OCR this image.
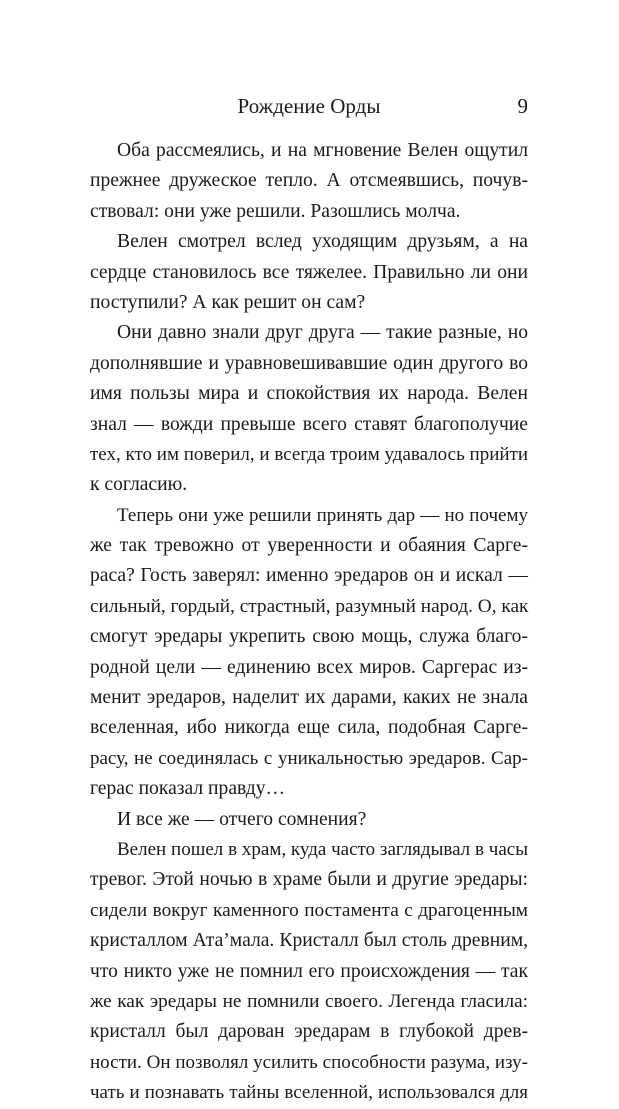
Рождение Орды	9
Оба рассмеялись, и на мгновение Велен ощутил
прежнее дружеское тепло. А отсмеявшись, почув-
ствовал: они уже решили. Разошлись молча.
Велен смотрел вслед уходящим друзьям, а на
сердце становилось все тяжелее. Правильно ли они
поступили? А как решит он сам?
Они давно знали друг друга — такие разные, но
дополнявшие и уравновешивавшие один другого во
имя пользы мира и спокойствия их народа. Велен
знал — вожди превыше всего ставят благополучие
тех, кто им поверил, и всегда троим удавалось прийти
к согласию.
Теперь они уже решили принять дар — но почему
же так тревожно от уверенности и обаяния Сарге-
раса? Гость заверял: именно эредаров он и искал —
сильный, гордый, страстный, разумный народ. О, как
смогут эредары укрепить свою мощь, служа благо-
родной цели — единению всех миров. Саргерас из-
менит эредаров, наделит их дарами, каких не знала
вселенная, ибо никогда еще сила, подобная Сарге-
расу, не соединялась с уникальностью эредаров. Сар-
герас показал правду…
И все же — отчего сомнения?
Велен пошел в храм, куда часто заглядывал в часы
тревог. Этой ночью в храме были и другие эредары:
сидели вокруг каменного постамента с драгоценным
кристаллом Ата’мала. Кристалл был столь древним,
что никто уже не помнил его происхождения — так
же как эредары не помнили своего. Легенда гласила:
кристалл был дарован эредарам в глубокой древ-
ности. Он позволял усилить способности разума, изу-
чать и познавать тайны вселенной, использовался для
